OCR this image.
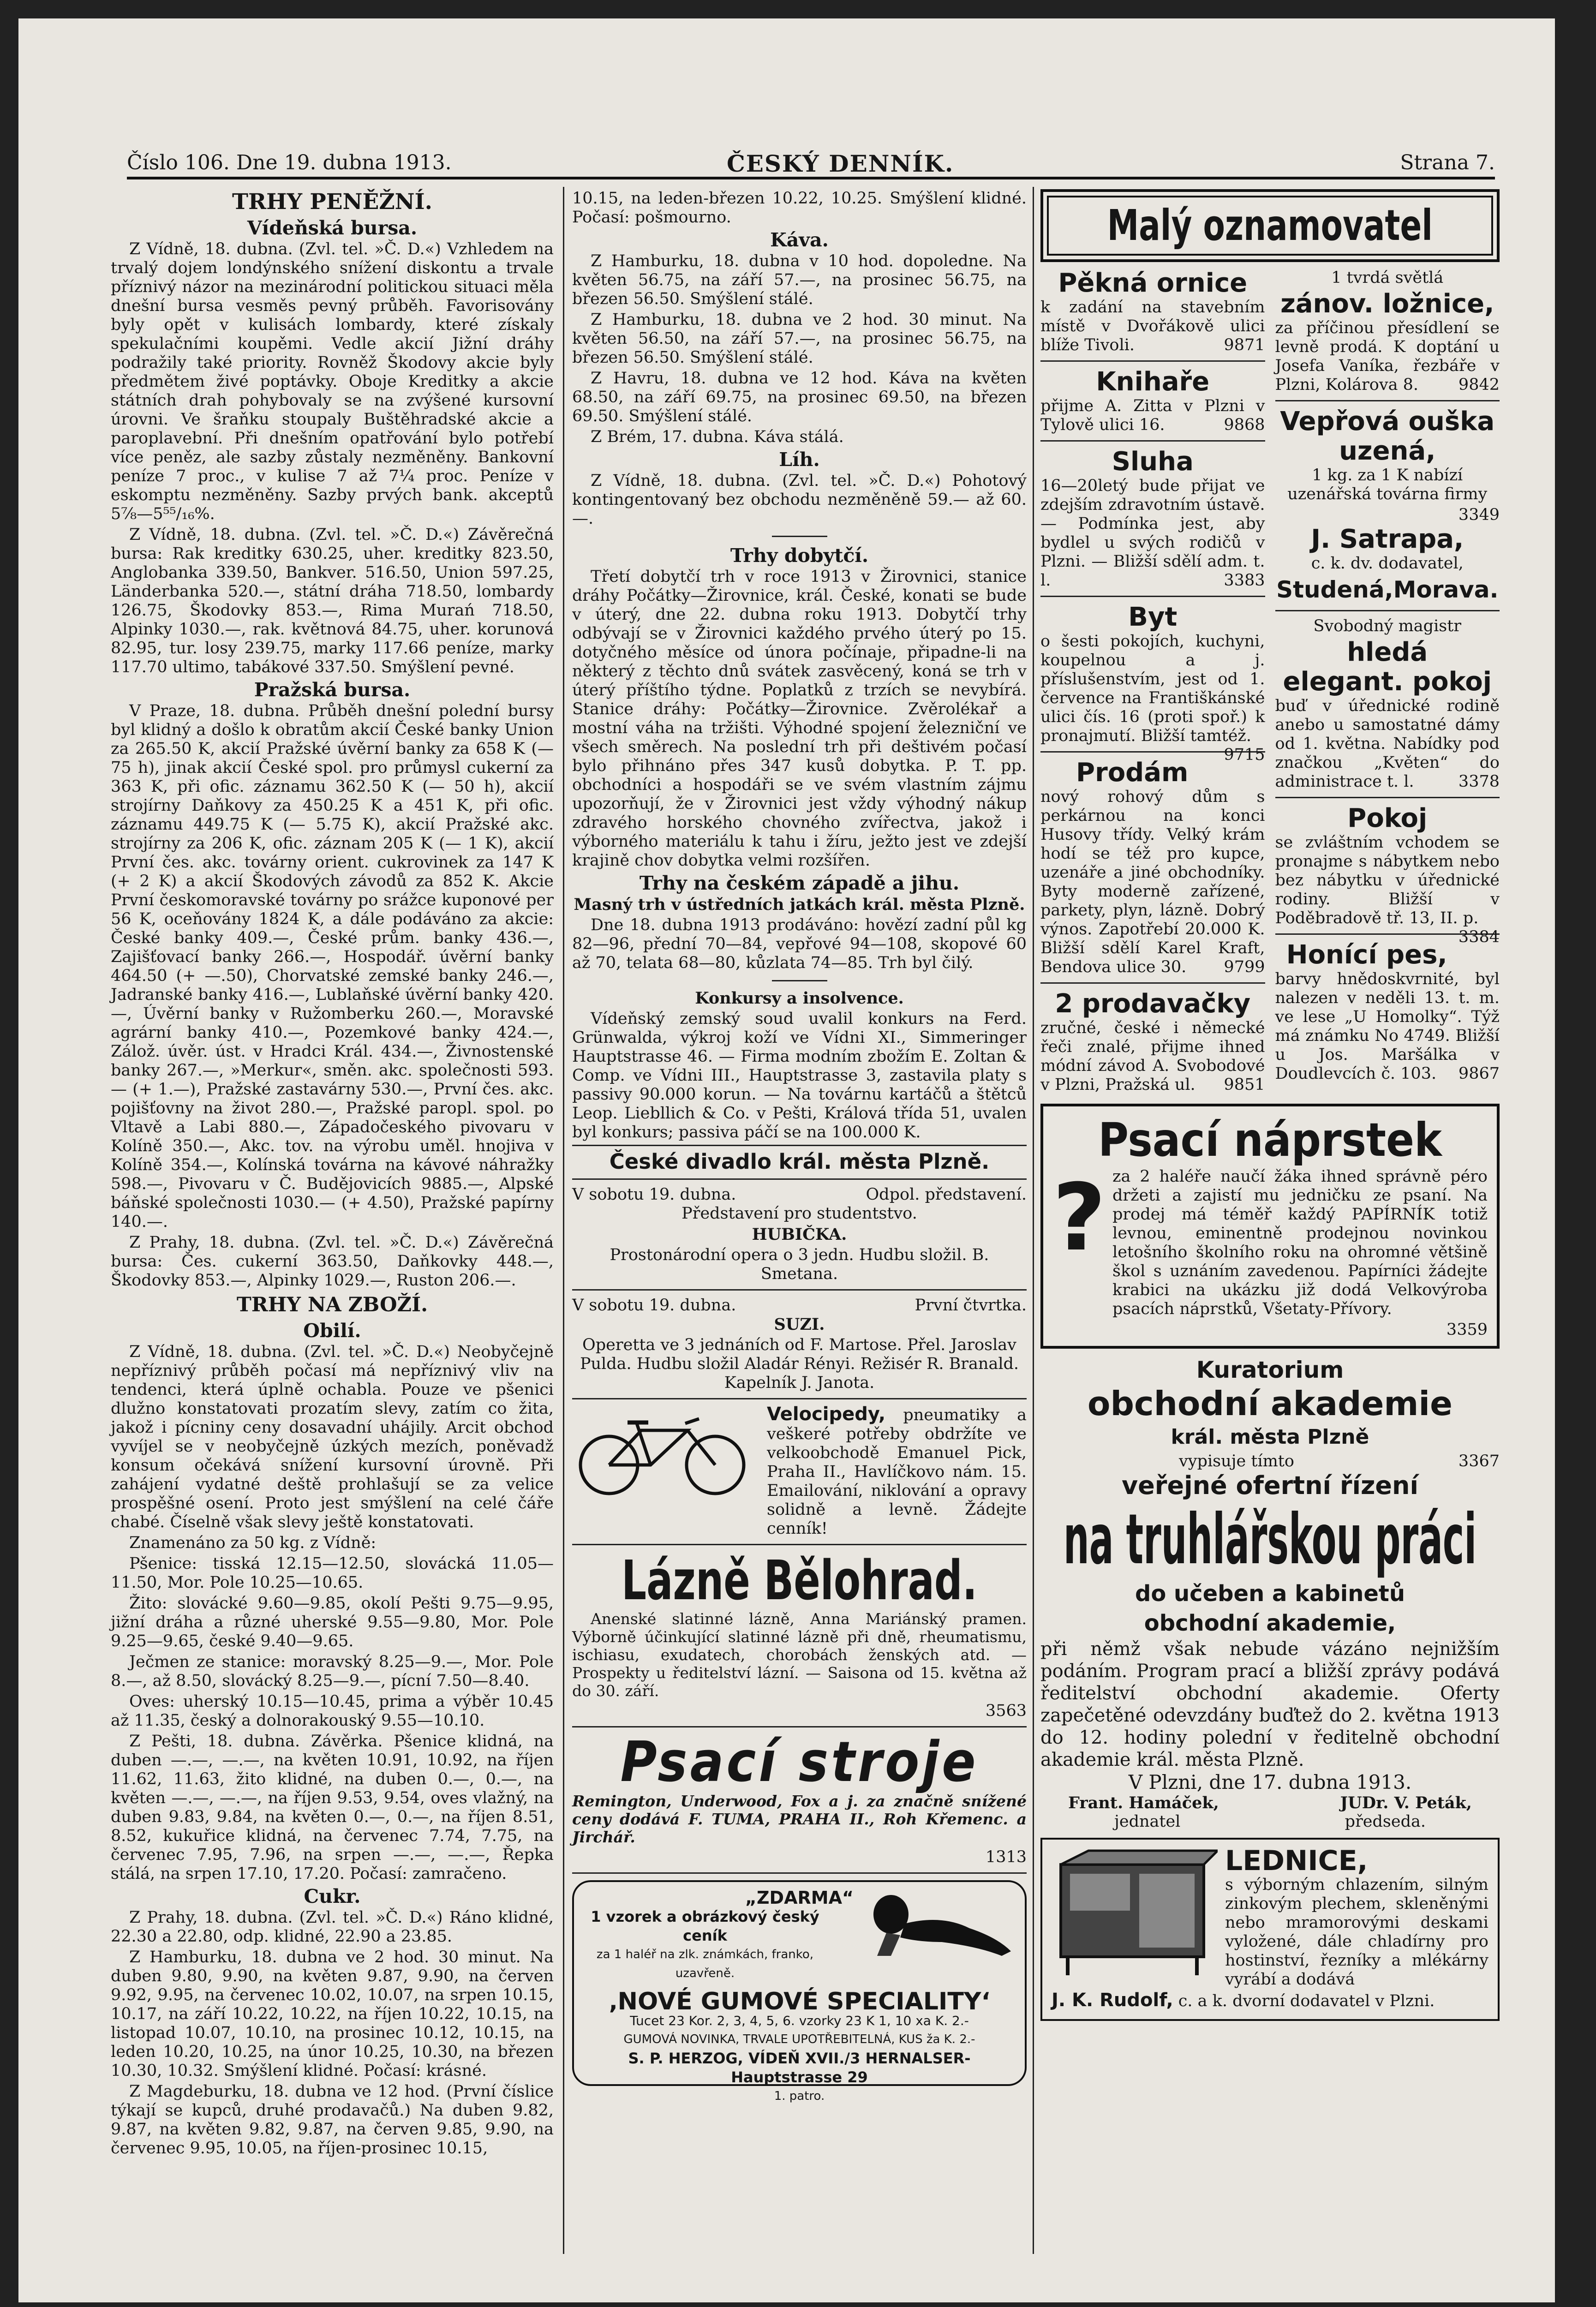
Číslo 106. Dne 19. dubna 1913.	ČESKÝ DENNÍK.	Strana 7.
TRHY PENĚŽNÍ.
Vídeňská bursa.

Z Vídně, 18. dubna. (Zvl. tel. »Č. D.«) Vzhledem na trvalý dojem londýnského snížení diskontu a trvale příznivý názor na mezinárodní politickou situaci měla dnešní bursa vesměs pevný průběh. Favorisovány byly opět v kulisách lombardy, které získaly spekulačními koupěmi. Vedle akcií Jižní dráhy podražily také priority. Rovněž Škodovy akcie byly předmětem živé poptávky. Oboje Kreditky a akcie státních drah pohybovaly se na zvýšené kursovní úrovni. Ve šraňku stoupaly Buštěhradské akcie a paroplavební. Při dnešním opatřování bylo potřebí více peněz, ale sazby zůstaly nezměněny. Bankovní peníze 7 proc., v kulise 7 až 7¼ proc. Peníze v eskomptu nezměněny. Sazby prvých bank. akceptů 5⅞—5⁵⁵/₁₆%.

Z Vídně, 18. dubna. (Zvl. tel. »Č. D.«) Závěrečná bursa: Rak kreditky 630.25, uher. kreditky 823.50, Anglobanka 339.50, Bankver. 516.50, Union 597.25, Länderbanka 520.—, státní dráha 718.50, lombardy 126.75, Škodovky 853.—, Rima Murań 718.50, Alpinky 1030.—, rak. květnová 84.75, uher. korunová 82.95, tur. losy 239.75, marky 117.66 peníze, marky 117.70 ultimo, tabákové 337.50. Smýšlení pevné.

Pražská bursa.

V Praze, 18. dubna. Průběh dnešní polední bursy byl klidný a došlo k obratům akcií České banky Union za 265.50 K, akcií Pražské úvěrní banky za 658 K (— 75 h), jinak akcií České spol. pro průmysl cukerní za 363 K, při ofic. záznamu 362.50 K (— 50 h), akcií strojírny Daňkovy za 450.25 K a 451 K, při ofic. záznamu 449.75 K (— 5.75 K), akcií Pražské akc. strojírny za 206 K, ofic. záznam 205 K (— 1 K), akcií První čes. akc. továrny orient. cukrovinek za 147 K (+ 2 K) a akcií Škodových závodů za 852 K. Akcie První českomoravské továrny po srážce kuponové per 56 K, oceňovány 1824 K, a dále podáváno za akcie: České banky 409.—, České prům. banky 436.—, Zajišťovací banky 266.—, Hospodář. úvěrní banky 464.50 (+ —.50), Chorvatské zemské banky 246.—, Jadranské banky 416.—, Lublaňské úvěrní banky 420.—, Úvěrní banky v Ružomberku 260.—, Moravské agrární banky 410.—, Pozemkové banky 424.—, Zálož. úvěr. úst. v Hradci Král. 434.—, Živnostenské banky 267.—, »Merkur«, směn. akc. společnosti 593.— (+ 1.—), Pražské zastavárny 530.—, První čes. akc. pojišťovny na život 280.—, Pražské paropl. spol. po Vltavě a Labi 880.—, Západočeského pivovaru v Kolíně 350.—, Akc. tov. na výrobu uměl. hnojiva v Kolíně 354.—, Kolínská továrna na kávové náhražky 598.—, Pivovaru v Č. Budějovicích 9885.—, Alpské báňské společnosti 1030.— (+ 4.50), Pražské papírny 140.—.

Z Prahy, 18. dubna. (Zvl. tel. »Č. D.«) Závěrečná bursa: Čes. cukerní 363.50, Daňkovky 448.—, Škodovky 853.—, Alpinky 1029.—, Ruston 206.—.

TRHY NA ZBOŽÍ.
Obilí.

Z Vídně, 18. dubna. (Zvl. tel. »Č. D.«) Neobyčejně nepříznivý průběh počasí má nepříznivý vliv na tendenci, která úplně ochabla. Pouze ve pšenici dlužno konstatovati prozatím slevy, zatím co žita, jakož i pícniny ceny dosavadní uhájily. Arcit obchod vyvíjel se v neobyčejně úzkých mezích, poněvadž konsum očekává snížení kursovní úrovně. Při zahájení vydatné deště prohlašují se za velice prospěšné osení. Proto jest smýšlení na celé čáře chabé. Číselně však slevy ještě konstatovati.

Znamenáno za 50 kg. z Vídně:

Pšenice: tisská 12.15—12.50, slovácká 11.05—11.50, Mor. Pole 10.25—10.65.

Žito: slovácké 9.60—9.85, okolí Pešti 9.75—9.95, jižní dráha a různé uherské 9.55—9.80, Mor. Pole 9.25—9.65, české 9.40—9.65.

Ječmen ze stanice: moravský 8.25—9.—, Mor. Pole 8.—, až 8.50, slovácký 8.25—9.—, pícní 7.50—8.40.

Oves: uherský 10.15—10.45, prima a výběr 10.45 až 11.35, český a dolnorakouský 9.55—10.10.

Z Pešti, 18. dubna. Závěrka. Pšenice klidná, na duben —.—, —.—, na květen 10.91, 10.92, na říjen 11.62, 11.63, žito klidné, na duben 0.—, 0.—, na květen —.—, —.—, na říjen 9.53, 9.54, oves vlažný, na duben 9.83, 9.84, na květen 0.—, 0.—, na říjen 8.51, 8.52, kukuřice klidná, na červenec 7.74, 7.75, na červenec 7.95, 7.96, na srpen —.—, —.—, Řepka stálá, na srpen 17.10, 17.20. Počasí: zamračeno.

Cukr.

Z Prahy, 18. dubna. (Zvl. tel. »Č. D.«) Ráno klidné, 22.30 a 22.80, odp. klidné, 22.90 a 23.85.

Z Hamburku, 18. dubna ve 2 hod. 30 minut. Na duben 9.80, 9.90, na květen 9.87, 9.90, na červen 9.92, 9.95, na červenec 10.02, 10.07, na srpen 10.15, 10.17, na září 10.22, 10.22, na říjen 10.22, 10.15, na listopad 10.07, 10.10, na prosinec 10.12, 10.15, na leden 10.20, 10.25, na únor 10.25, 10.30, na březen 10.30, 10.32. Smýšlení klidné. Počasí: krásné.

Z Magdeburku, 18. dubna ve 12 hod. (První číslice týkají se kupců, druhé prodavačů.) Na duben 9.82, 9.87, na květen 9.82, 9.87, na červen 9.85, 9.90, na červenec 9.95, 10.05, na říjen-prosinec 10.15,

10.15, na leden-březen 10.22, 10.25. Smýšlení klidné. Počasí: pošmourno.

Káva.

Z Hamburku, 18. dubna v 10 hod. dopoledne. Na květen 56.75, na září 57.—, na prosinec 56.75, na březen 56.50. Smýšlení stálé.

Z Hamburku, 18. dubna ve 2 hod. 30 minut. Na květen 56.50, na září 57.—, na prosinec 56.75, na březen 56.50. Smýšlení stálé.

Z Havru, 18. dubna ve 12 hod. Káva na květen 68.50, na září 69.75, na prosinec 69.50, na březen 69.50. Smýšlení stálé.

Z Brém, 17. dubna. Káva stálá.

Líh.

Z Vídně, 18. dubna. (Zvl. tel. »Č. D.«) Pohotový kontingentovaný bez obchodu nezměněně 59.— až 60.—.

Trhy dobytčí.

Třetí dobytčí trh v roce 1913 v Žirovnici, stanice dráhy Počátky—Žirovnice, král. České, konati se bude v úterý, dne 22. dubna roku 1913. Dobytčí trhy odbývají se v Žirovnici každého prvého úterý po 15. dotyčného měsíce od února počínaje, připadne-li na některý z těchto dnů svátek zasvěcený, koná se trh v úterý příštího týdne. Poplatků z trzích se nevybírá. Stanice dráhy: Počátky—Žirovnice. Zvěrolékař a mostní váha na tržišti. Výhodné spojení železniční ve všech směrech. Na poslední trh při deštivém počasí bylo přihnáno přes 347 kusů dobytka. P. T. pp. obchodníci a hospodáři se ve svém vlastním zájmu upozorňují, že v Žirovnici jest vždy výhodný nákup zdravého horského chovného zvířectva, jakož i výborného materiálu k tahu i žíru, ježto jest ve zdejší krajině chov dobytka velmi rozšířen.

Trhy na českém západě a jihu.

Masný trh v ústředních jatkách král. města Plzně.

Dne 18. dubna 1913 prodáváno: hovězí zadní půl kg 82—96, přední 70—84, vepřové 94—108, skopové 60 až 70, telata 68—80, kůzlata 74—85. Trh byl čilý.

Konkursy a insolvence.

Vídeňský zemský soud uvalil konkurs na Ferd. Grünwalda, výkroj koží ve Vídni XI., Simmeringer Hauptstrasse 46. — Firma modním zbožím E. Zoltan & Comp. ve Vídni III., Hauptstrasse 3, zastavila platy s passivy 90.000 korun. — Na továrnu kartáčů a štětců Leop. Liebllich & Co. v Pešti, Králová třída 51, uvalen byl konkurs; passiva páčí se na 100.000 K.

České divadlo král. města Plzně.
V sobotu 19. dubna.	Odpol. představení.

Představení pro studentstvo.

HUBIČKA.

Prostonárodní opera o 3 jedn. Hudbu složil. B. Smetana.

V sobotu 19. dubna.	První čtvrtka.

SUZI.

Operetta ve 3 jednáních od F. Martose. Přel. Jaroslav Pulda. Hudbu složil Aladár Rényi. Režisér R. Branald. Kapelník J. Janota.

Velocipedy, pneumatiky a veškeré potřeby obdržíte ve velkoobchodě Emanuel Pick, Praha II., Havlíčkovo nám. 15. Emailování, niklování a opravy solidně a levně. Žádejte cenník!
Lázně Bělohrad.

Anenské slatinné lázně, Anna Mariánský pramen. Výborně účinkující slatinné lázně při dně, rheumatismu, ischiasu, exudatech, chorobách ženských atd. — Prospekty u ředitelství lázní. — Saisona od 15. května až do 30. září.

3563
Psací stroje

Remington, Underwood, Fox a j. za značně snížené ceny dodává F. TUMA, PRAHA II., Roh Křemenc. a Jirchář.

1313
„ZDARMA“
1 vzorek a obrázkový český ceník
za 1 haléř na zlk. známkách, franko, uzavřeně.
‚NOVÉ GUMOVÉ SPECIALITY‘
Tucet 23 Kor. 2, 3, 4, 5, 6. vzorky 23 K 1, 10 xa K. 2.-
GUMOVÁ NOVINKA, TRVALE UPOTŘEBITELNÁ, KUS ža K. 2.-
S. P. HERZOG, VÍDEŇ XVII./3 HERNALSER-Hauptstrasse 29
1. patro.
Malý oznamovatel
Pěkná ornice

k zadání na stavebním místě v Dvořákově ulici blíže Tivoli.	9871

Knihaře

přijme A. Zitta v Plzni v Tylově ulici 16.	9868

Sluha

16—20letý bude přijat ve zdejším zdravotním ústavě. — Podmínka jest, aby bydlel u svých rodičů v Plzni. — Bližší sdělí adm. t. l.	3383

Byt

o šesti pokojích, kuchyni, koupelnou a j. příslušenstvím, jest od 1. července na Františkánské ulici čís. 16 (proti spoř.) k pronajmutí. Bližší tamtéž.
9715

Prodám

nový rohový dům s perkárnou na konci Husovy třídy. Velký krám hodí se též pro kupce, uzenáře a jiné obchodníky. Byty moderně zařízené, parkety, plyn, lázně. Dobrý výnos. Zapotřebí 20.000 K. Bližší sdělí Karel Kraft, Bendova ulice 30. 9799

2 prodavačky

zručné, české i německé řeči znalé, přijme ihned módní závod A. Svobodové v Plzni, Pražská ul. 9851

1 tvrdá světlá

zánov. ložnice,

za příčinou přesídlení se levně prodá. K doptání u Josefa Vaníka, řezbáře v Plzni, Kolárova 8. 9842

Vepřová ouška uzená,

1 kg. za 1 K nabízí uzenářská továrna firmy

3349
J. Satrapa,

c. k. dv. dodavatel,

Studená,Morava.

Svobodný magistr

hledá
elegant. pokoj

buď v úřednické rodině anebo u samostatné dámy od 1. května. Nabídky pod značkou „Květen“ do administrace t. l.	3378

Pokoj

se zvláštním vchodem se pronajme s nábytkem nebo bez nábytku v úřednické rodiny. Bližší v Poděbradově tř. 13, II. p.
3384

Honící pes,

barvy hnědoskvrnité, byl nalezen v neděli 13. t. m. ve lese „U Homolky“. Týž má známku No 4749. Bližší u Jos. Maršálka v Doudlevcích č. 103. 9867

Psací náprstek
? za 2 haléře naučí žáka ihned správně péro držeti a zajistí mu jedničku ze psaní. Na prodej má téměř každý PAPÍRNÍK totiž levnou, eminentně prodejnou novinkou letošního školního roku na ohromné většině škol s uznáním zavedenou. Papírníci žádejte krabici na ukázku již dodá Velkovýroba psacích náprstků, Všetaty-Přívory.

3359
Kuratorium
obchodní akademie
král. města Plzně
vypisuje tímto	3367
veřejné ofertní řízení
na truhlářskou práci
do učeben a kabinetů
obchodní akademie,

při němž však nebude vázáno nejnižším podáním. Program prací a bližší zprávy podává ředitelství obchodní akademie. Oferty zapečetěné odevzdány buďtež do 2. května 1913 do 12. hodiny polední v ředitelně obchodní akademie král. města Plzně.

V Plzni, dne 17. dubna 1913.

Frant. Hamáček,	JUDr. V. Peták,
jednatel	předseda.
LEDNICE,

s výborným chlazením, silným zinkovým plechem, skleněnými nebo mramorovými deskami vyložené, dále chladírny pro hostinství, řezníky a mlékárny vyrábí a dodává

J. K. Rudolf, c. a k. dvorní dodavatel v Plzni.
